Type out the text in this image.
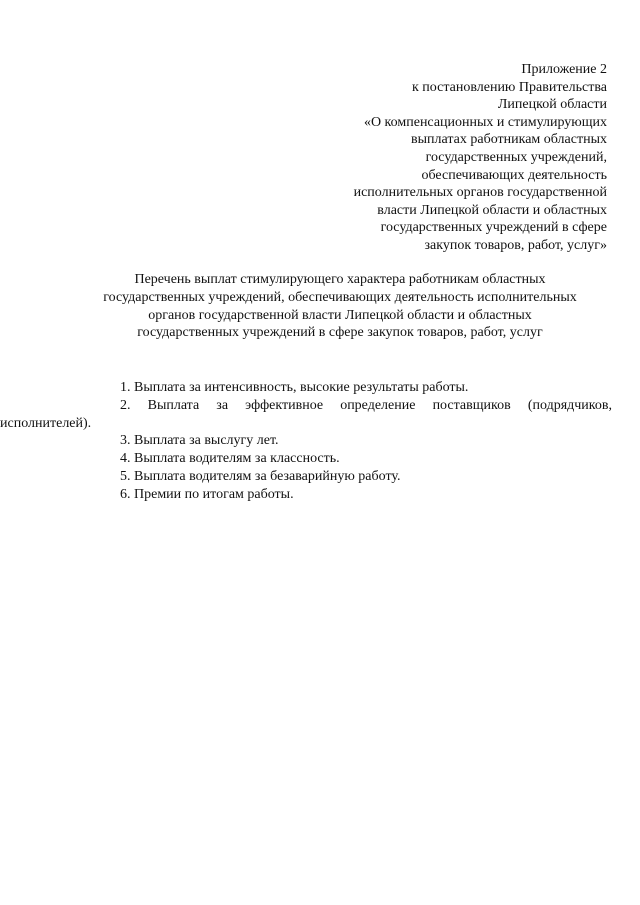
Приложение 2
к постановлению Правительства
Липецкой области
«О компенсационных и стимулирующих
выплатах работникам областных
государственных учреждений,
обеспечивающих деятельность
исполнительных органов государственной
власти Липецкой области и областных
государственных учреждений в сфере
закупок товаров, работ, услуг»
Перечень выплат стимулирующего характера работникам областных
государственных учреждений, обеспечивающих деятельность исполнительных
органов государственной власти Липецкой области и областных
государственных учреждений в сфере закупок товаров, работ, услуг
1. Выплата за интенсивность, высокие результаты работы.
2. Выплата за эффективное определение поставщиков (подрядчиков,
исполнителей).
3. Выплата за выслугу лет.
4. Выплата водителям за классность.
5. Выплата водителям за безаварийную работу.
6. Премии по итогам работы.
